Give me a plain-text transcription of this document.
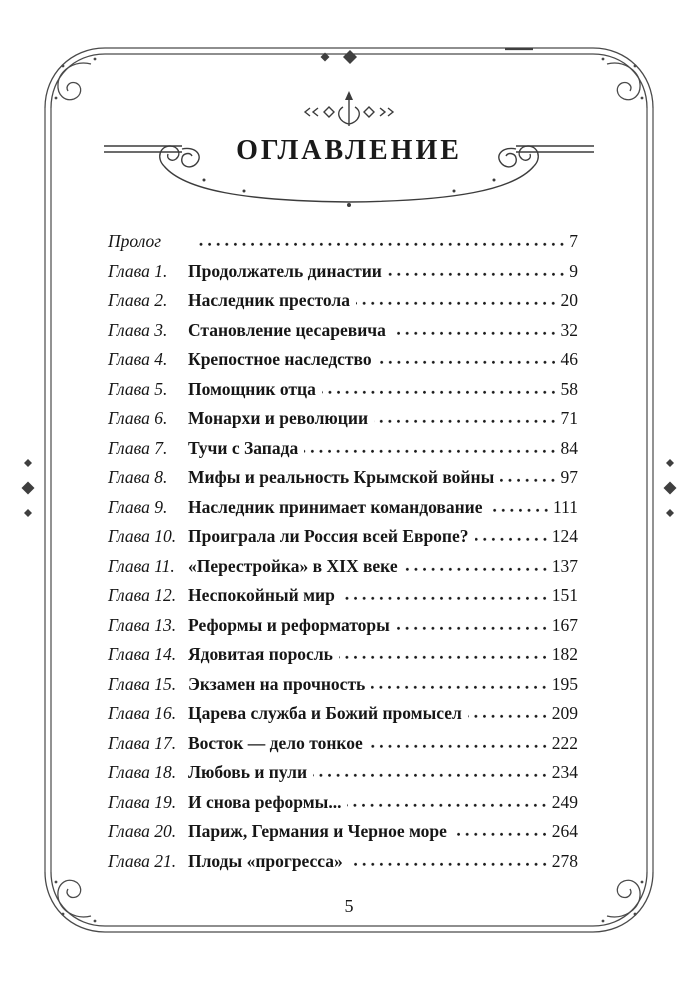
ОГЛАВЛЕНИЕ
Пролог	7
Глава 1.	Продолжатель династии	9
Глава 2.	Наследник престола	20
Глава 3.	Становление цесаревича	32
Глава 4.	Крепостное наследство	46
Глава 5.	Помощник отца	58
Глава 6.	Монархи и революции	71
Глава 7.	Тучи с Запада	84
Глава 8.	Мифы и реальность Крымской войны	97
Глава 9.	Наследник принимает командование	111
Глава 10. Проиграла ли Россия всей Европе?	124
Глава 11. «Перестройка» в XIX веке	137
Глава 12. Неспокойный мир	151
Глава 13. Реформы и реформаторы	167
Глава 14. Ядовитая поросль	182
Глава 15. Экзамен на прочность	195
Глава 16. Царева служба и Божий промысел	209
Глава 17. Восток — дело тонкое	222
Глава 18. Любовь и пули	234
Глава 19. И снова реформы...	249
Глава 20. Париж, Германия и Черное море	264
Глава 21. Плоды «прогресса»	278
5
